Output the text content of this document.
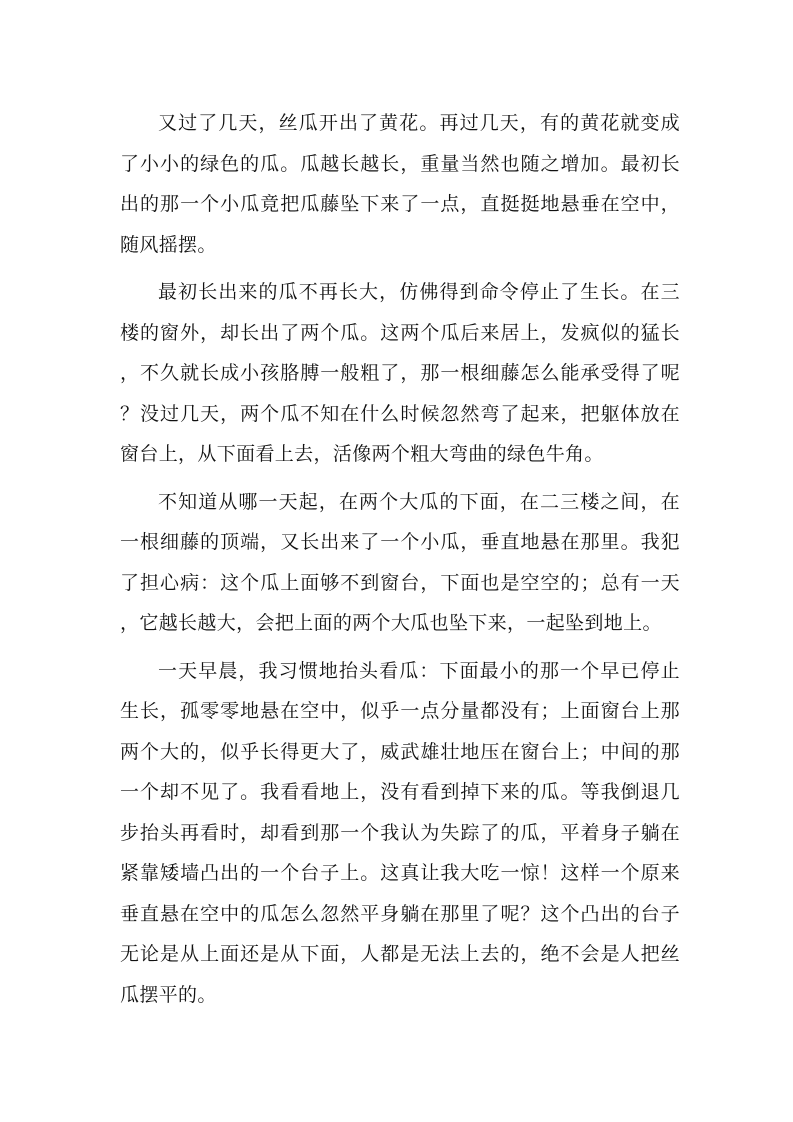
又过了几天，丝瓜开出了黄花。再过几天，有的黄花就变成了小小的绿色的瓜。瓜越长越长，重量当然也随之增加。最初长出的那一个小瓜竟把瓜藤坠下来了一点，直挺挺地悬垂在空中，随风摇摆。

最初长出来的瓜不再长大，仿佛得到命令停止了生长。在三楼的窗外，却长出了两个瓜。这两个瓜后来居上，发疯似的猛长，不久就长成小孩胳膊一般粗了，那一根细藤怎么能承受得了呢？没过几天，两个瓜不知在什么时候忽然弯了起来，把躯体放在窗台上，从下面看上去，活像两个粗大弯曲的绿色牛角。

不知道从哪一天起，在两个大瓜的下面，在二三楼之间，在一根细藤的顶端，又长出来了一个小瓜，垂直地悬在那里。我犯了担心病：这个瓜上面够不到窗台，下面也是空空的；总有一天，它越长越大，会把上面的两个大瓜也坠下来，一起坠到地上。

一天早晨，我习惯地抬头看瓜：下面最小的那一个早已停止生长，孤零零地悬在空中，似乎一点分量都没有；上面窗台上那两个大的，似乎长得更大了，威武雄壮地压在窗台上；中间的那一个却不见了。我看看地上，没有看到掉下来的瓜。等我倒退几步抬头再看时，却看到那一个我认为失踪了的瓜，平着身子躺在紧靠矮墙凸出的一个台子上。这真让我大吃一惊！这样一个原来垂直悬在空中的瓜怎么忽然平身躺在那里了呢？这个凸出的台子无论是从上面还是从下面，人都是无法上去的，绝不会是人把丝瓜摆平的。
